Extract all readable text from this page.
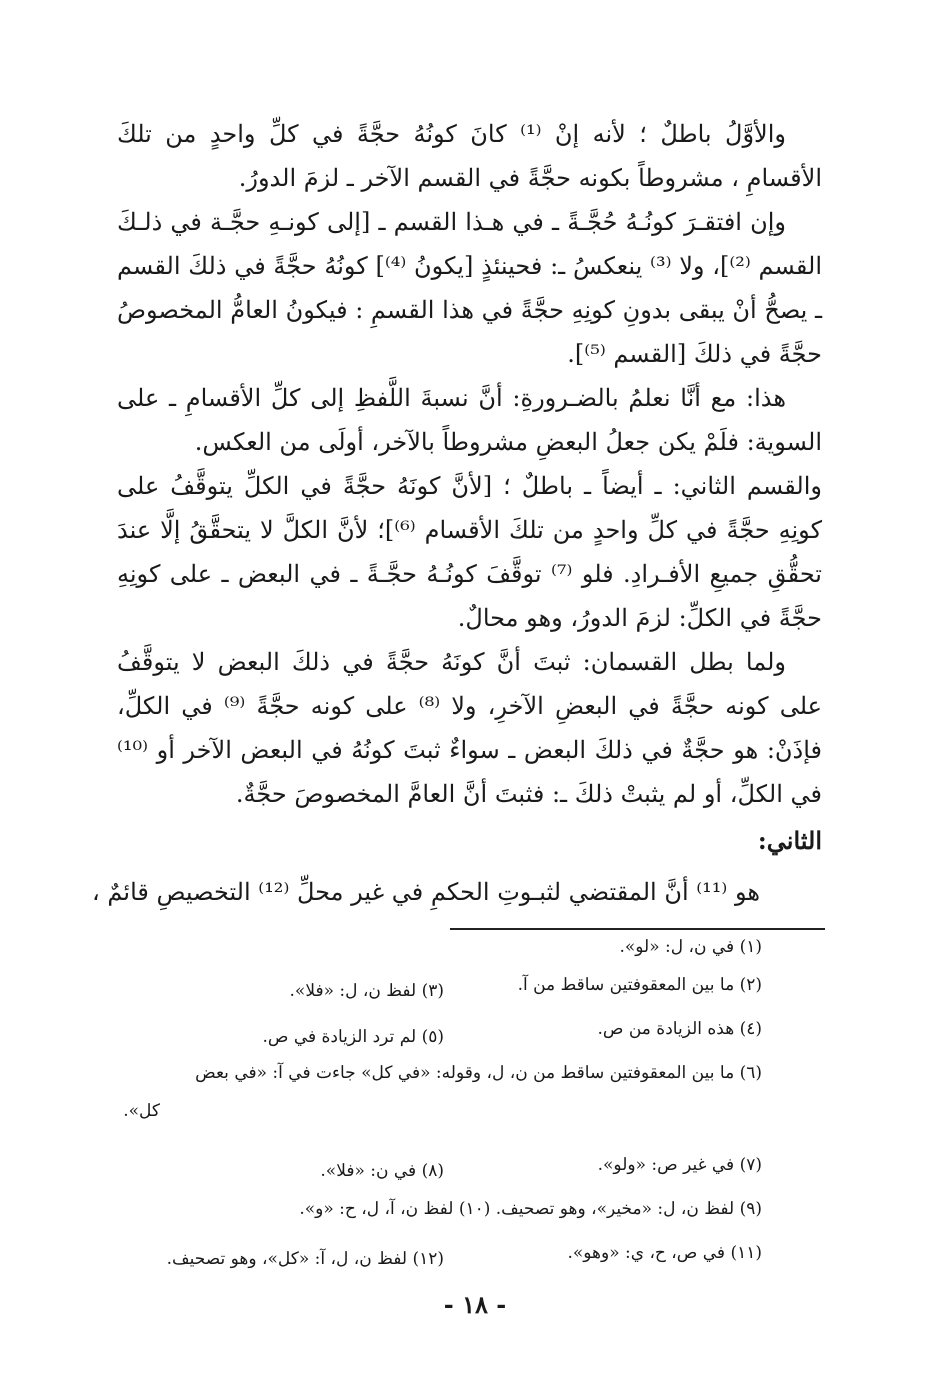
والأوَّلُ باطلٌ ؛ لأنه إنْ ⁽¹⁾ كانَ كونُهُ حجَّةً في كلِّ واحدٍ من تلكَ الأقسامِ ، مشروطاً بكونه حجَّةً في القسم الآخر ـ لزمَ الدورُ.

وإن افتقـرَ كونُـهُ حُجَّـةً ـ في هـذا القسم ـ [إلى كونـهِ حجَّـة في ذلـكَ القسم ⁽²⁾]، ولا ⁽³⁾ ينعكسُ ـ: فحينئذٍ [يكونُ ⁽⁴⁾] كونُهُ حجَّةً في ذلكَ القسم ـ يصحُّ أنْ يبقى بدونِ كونِهِ حجَّةً في هذا القسمِ : فيكونُ العامُّ المخصوصُ حجَّةً في ذلكَ [القسم ⁽⁵⁾].

هذا: مع أنَّا نعلمُ بالضـرورةِ: أنَّ نسبةَ اللَّفظِ إلى كلِّ الأقسامِ ـ على السوية: فلَمْ يكن جعلُ البعضِ مشروطاً بالآخر، أولَى من العكس.

والقسم الثاني: ـ أيضاً ـ باطلٌ ؛ [لأنَّ كونَهُ حجَّةً في الكلِّ يتوقَّفُ على كونِهِ حجَّةً في كلِّ واحدٍ من تلكَ الأقسام ⁽⁶⁾]؛ لأنَّ الكلَّ لا يتحقَّقُ إلَّا عندَ تحقُّقِ جميعِ الأفـرادِ. فلو ⁽⁷⁾ توقَّفَ كونُـهُ حجَّـةً ـ في البعض ـ على كونِهِ حجَّةً في الكلِّ: لزمَ الدورُ، وهو محالٌ.

ولما بطل القسمان: ثبتَ أنَّ كونَهُ حجَّةً في ذلكَ البعض لا يتوقَّفُ على كونه حجَّةً في البعضِ الآخرِ، ولا ⁽⁸⁾ على كونه حجَّةً ⁽⁹⁾ في الكلِّ، فإذَنْ: هو حجَّةٌ في ذلكَ البعض ـ سواءٌ ثبتَ كونُهُ في البعض الآخر أو ⁽¹⁰⁾ في الكلِّ، أو لم يثبتْ ذلكَ ـ: فثبتَ أنَّ العامَّ المخصوصَ حجَّةٌ.

الثاني:
هو ⁽¹¹⁾ أنَّ المقتضي لثبـوتِ الحكمِ في غير محلِّ ⁽¹²⁾ التخصيصِ قائمٌ ،
(١) في ن، ل: «لو».
(٢) ما بين المعقوفتين ساقط من آ.
(٣) لفظ ن، ل: «فلا».
(٤) هذه الزيادة من ص.
(٥) لم ترد الزيادة في ص.
(٦) ما بين المعقوفتين ساقط من ن، ل، وقوله: «في كل» جاءت في آ: «في بعض
كل».
(٧) في غير ص: «ولو».
(٨) في ن: «فلا».
(٩) لفظ ن، ل: «مخير»، وهو تصحيف. (١٠) لفظ ن، آ، ل، ح: «و».
(١١) في ص، ح، ي: «وهو».
(١٢) لفظ ن، ل، آ: «كل»، وهو تصحيف.
- ١٨ -
